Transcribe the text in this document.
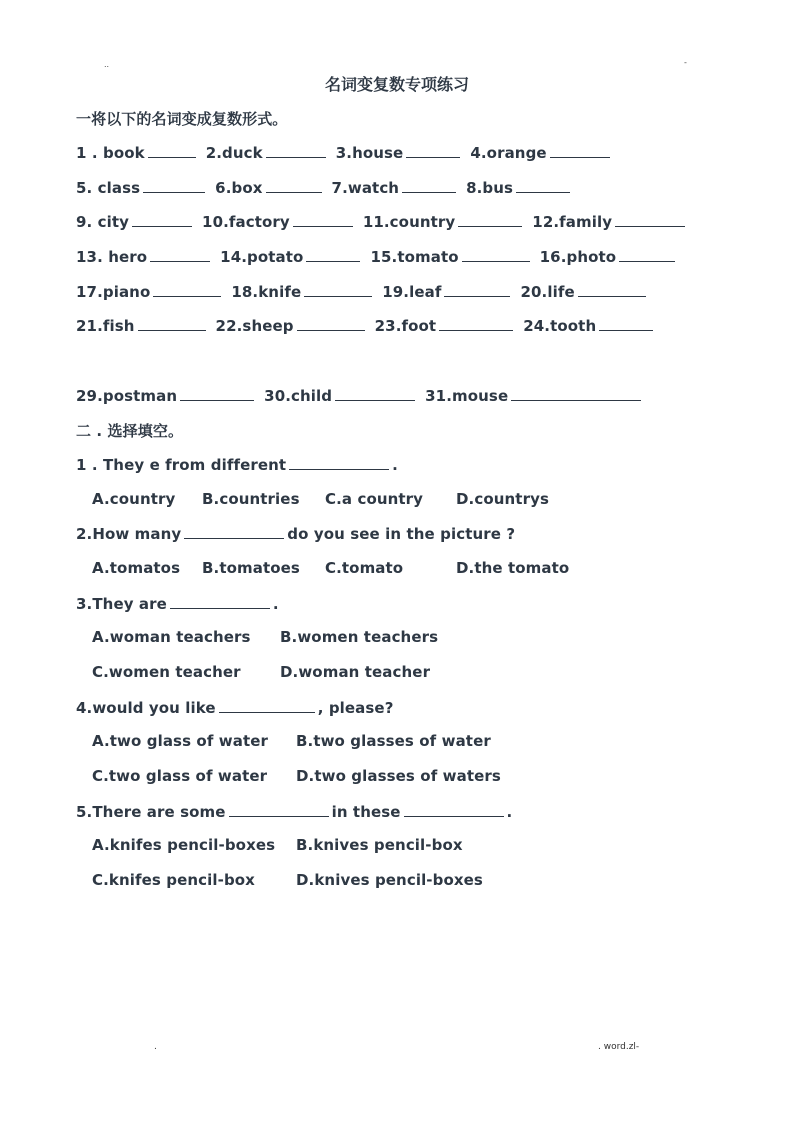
..	-
名词变复数专项练习
一将以下的名词变成复数形式。
1 . book	2.duck	3.house	4.orange
5. class	6.box	7.watch	8.bus
9. city	10.factory	11.country	12.family
13. hero	14.potato	15.tomato	16.photo
17.piano	18.knife	19.leaf	20.life
21.fish	22.sheep	23.foot	24.tooth
29.postman	30.child	31.mouse
二 . 选择填空。
1 . They e from different	.
A.country B.countries C.a country D.countrys
2.How many	do you see in the picture ?
A.tomatos B.tomatoes C.tomato	D.the tomato
3.They are	.
A.woman teachers B.women teachers
C.women teacher	D.woman teacher
4.would you like	, please?
A.two glass of water B.two glasses of water
C.two glass of water D.two glasses of waters
5.There are some	in these	.
A.knifes pencil-boxes B.knives pencil-box
C.knifes pencil-box	D.knives pencil-boxes
.	. word.zl-
